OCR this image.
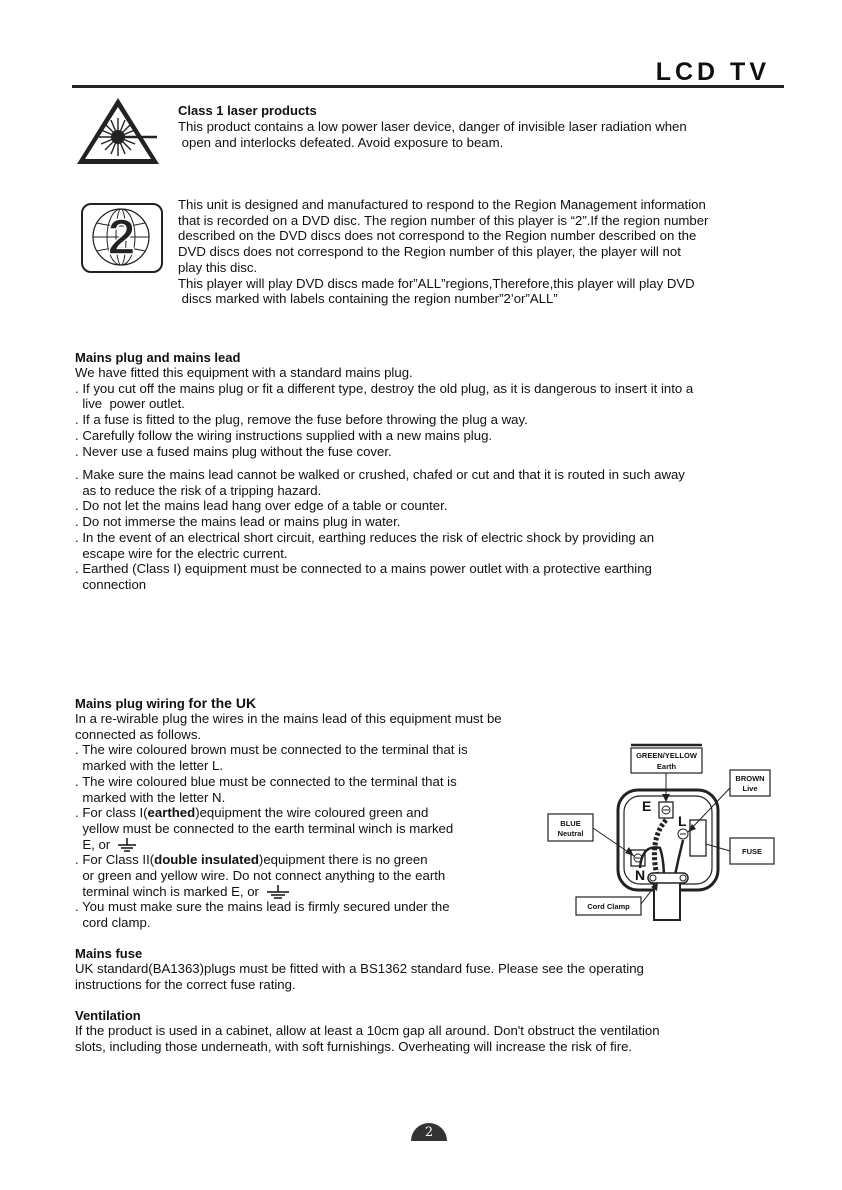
LCD TV
Class 1 laser products
This product contains a low power laser device, danger of invisible laser radiation when
open and interlocks defeated. Avoid exposure to beam.
2
This unit is designed and manufactured to respond to the Region Management information
that is recorded on a DVD disc. The region number of this player is “2”.If the region number
described on the DVD discs does not correspond to the Region number described on the
DVD discs does not correspond to the Region number of this player, the player will not
play this disc.
This player will play DVD discs made for”ALL”regions,Therefore,this player will play DVD
discs marked with labels containing the region number”2’or”ALL”
Mains plug and mains lead
We have fitted this equipment with a standard mains plug.
. If you cut off the mains plug or fit a different type, destroy the old plug, as it is dangerous to insert it into a
live  power outlet.
. If a fuse is fitted to the plug, remove the fuse before throwing the plug a way.
. Carefully follow the wiring instructions supplied with a new mains plug.
. Never use a fused mains plug without the fuse cover.
. Make sure the mains lead cannot be walked or crushed, chafed or cut and that it is routed in such away
as to reduce the risk of a tripping hazard.
. Do not let the mains lead hang over edge of a table or counter.
. Do not immerse the mains lead or mains plug in water.
. In the event of an electrical short circuit, earthing reduces the risk of electric shock by providing an
escape wire for the electric current.
. Earthed (Class I) equipment must be connected to a mains power outlet with a protective earthing
connection
Mains plug wiring for the UK
In a re-wirable plug the wires in the mains lead of this equipment must be
connected as follows.
. The wire coloured brown must be connected to the terminal that is
marked with the letter L.
. The wire coloured blue must be connected to the terminal that is
marked with the letter N.
. For class I(earthed)equipment the wire coloured green and
yellow must be connected to the earth terminal winch is marked
E, or
. For Class II(double insulated)equipment there is no green
or green and yellow wire. Do not connect anything to the earth
terminal winch is marked E, or
. You must make sure the mains lead is firmly secured under the
cord clamp.
E
L
N
GREEN/YELLOW
Earth
BROWN
Live
BLUE
Neutral
FUSE
Cord Clamp
Mains fuse
UK standard(BA1363)plugs must be fitted with a BS1362 standard fuse. Please see the operating
instructions for the correct fuse rating.
Ventilation
If the product is used in a cabinet, allow at least a 10cm gap all around. Don't obstruct the ventilation
slots, including those underneath, with soft furnishings. Overheating will increase the risk of fire.
2
